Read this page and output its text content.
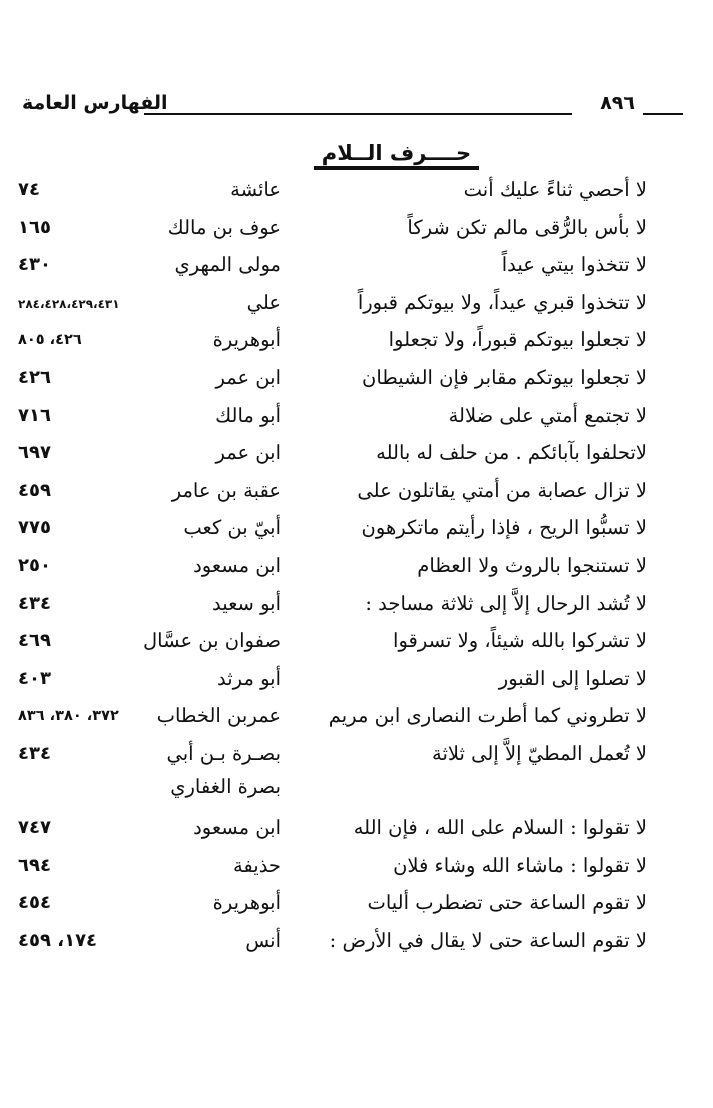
الفهارس العامة	٨٩٦
حــــرف الــلام
لا أحصي ثناءً عليك أنت
عائشة
٧٤
لا بأس بالرُّقى مالم تكن شركاً
عوف بن مالك
١٦٥
لا تتخذوا بيتي عيداً
مولى المهري
٤٣٠
لا تتخذوا قبري عيداً، ولا بيوتكم قبوراً
علي
٢٨٤،٤٢٨،٤٢٩،٤٣١
لا تجعلوا بيوتكم قبوراً، ولا تجعلوا
أبوهريرة
٤٢٦، ٨٠٥
لا تجعلوا بيوتكم مقابر فإن الشيطان
ابن عمر
٤٢٦
لا تجتمع أمتي على ضلالة
أبو مالك
٧١٦
لاتحلفوا بآبائكم . من حلف له بالله
ابن عمر
٦٩٧
لا تزال عصابة من أمتي يقاتلون على
عقبة بن عامر
٤٥٩
لا تسبُّوا الريح ، فإذا رأيتم ماتكرهون
أبيّ بن كعب
٧٧٥
لا تستنجوا بالروث ولا العظام
ابن مسعود
٢٥٠
لا تُشد الرحال إلاَّ إلى ثلاثة مساجد :
أبو سعيد
٤٣٤
لا تشركوا بالله شيئاً، ولا تسرقوا
صفوان بن عسَّال
٤٦٩
لا تصلوا إلى القبور
أبو مرثد
٤٠٣
لا تطروني كما أطرت النصارى ابن مريم
عمربن الخطاب
٣٧٢، ٣٨٠، ٨٣٦
لا تُعمل المطيّ إلاَّ إلى ثلاثة
بصـرة بـن أبي
بصرة الغفاري
٤٣٤
لا تقولوا : السلام على الله ، فإن الله
ابن مسعود
٧٤٧
لا تقولوا : ماشاء الله وشاء فلان
حذيفة
٦٩٤
لا تقوم الساعة حتى تضطرب أليات
أبوهريرة
٤٥٤
لا تقوم الساعة حتى لا يقال في الأرض :
أنس
١٧٤، ٤٥٩
